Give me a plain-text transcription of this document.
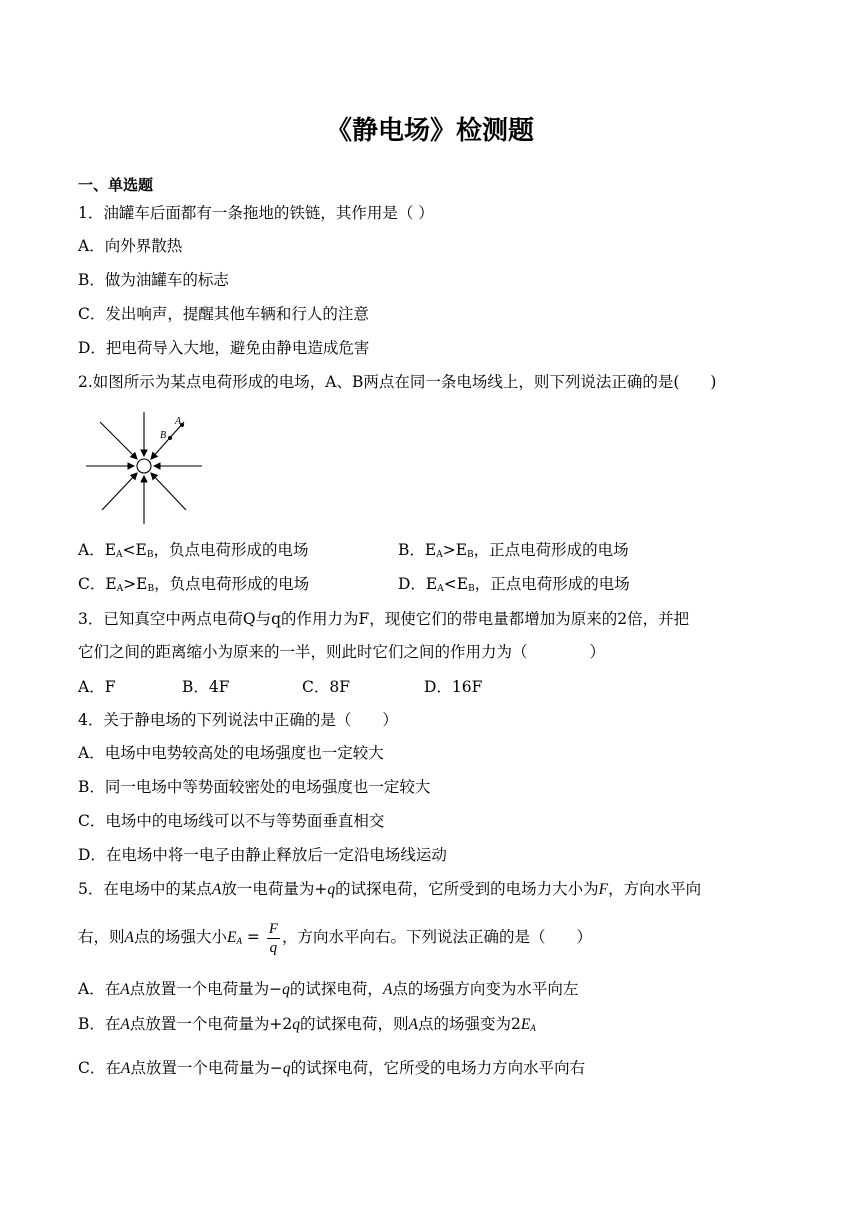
《静电场》检测题
一、单选题
1．油罐车后面都有一条拖地的铁链，其作用是（ ）
A．向外界散热
B．做为油罐车的标志
C．发出响声，提醒其他车辆和行人的注意
D．把电荷导入大地，避免由静电造成危害
2.如图所示为某点电荷形成的电场，A、B两点在同一条电场线上，则下列说法正确的是(　　)
A
B
A．$E_A<E_B$，负点电荷形成的电场	B．$E_A>E_B$，正点电荷形成的电场
C．$E_A>E_B$，负点电荷形成的电场	D．$E_A<E_B$，正点电荷形成的电场
3．已知真空中两点电荷Q与q的作用力为F，现使它们的带电量都增加为原来的2倍，并把
它们之间的距离缩小为原来的一半，则此时它们之间的作用力为（　　　　）
A．F	B．4F	C．8F	D．16F
4．关于静电场的下列说法中正确的是（　　）
A．电场中电势较高处的电场强度也一定较大
B．同一电场中等势面较密处的电场强度也一定较大
C．电场中的电场线可以不与等势面垂直相交
D．在电场中将一电子由静止释放后一定沿电场线运动
5．在电场中的某点A放一电荷量为+q的试探电荷，它所受到的电场力大小为F，方向水平向
右，则A点的场强大小$E_A = \frac{F}{q}$ ，方向水平向右。下列说法正确的是（　　）
A．在A点放置一个电荷量为−q的试探电荷，A点的场强方向变为水平向左
B．在A点放置一个电荷量为+2q的试探电荷，则A点的场强变为$2E_A$
C．在A点放置一个电荷量为−q的试探电荷，它所受的电场力方向水平向右
